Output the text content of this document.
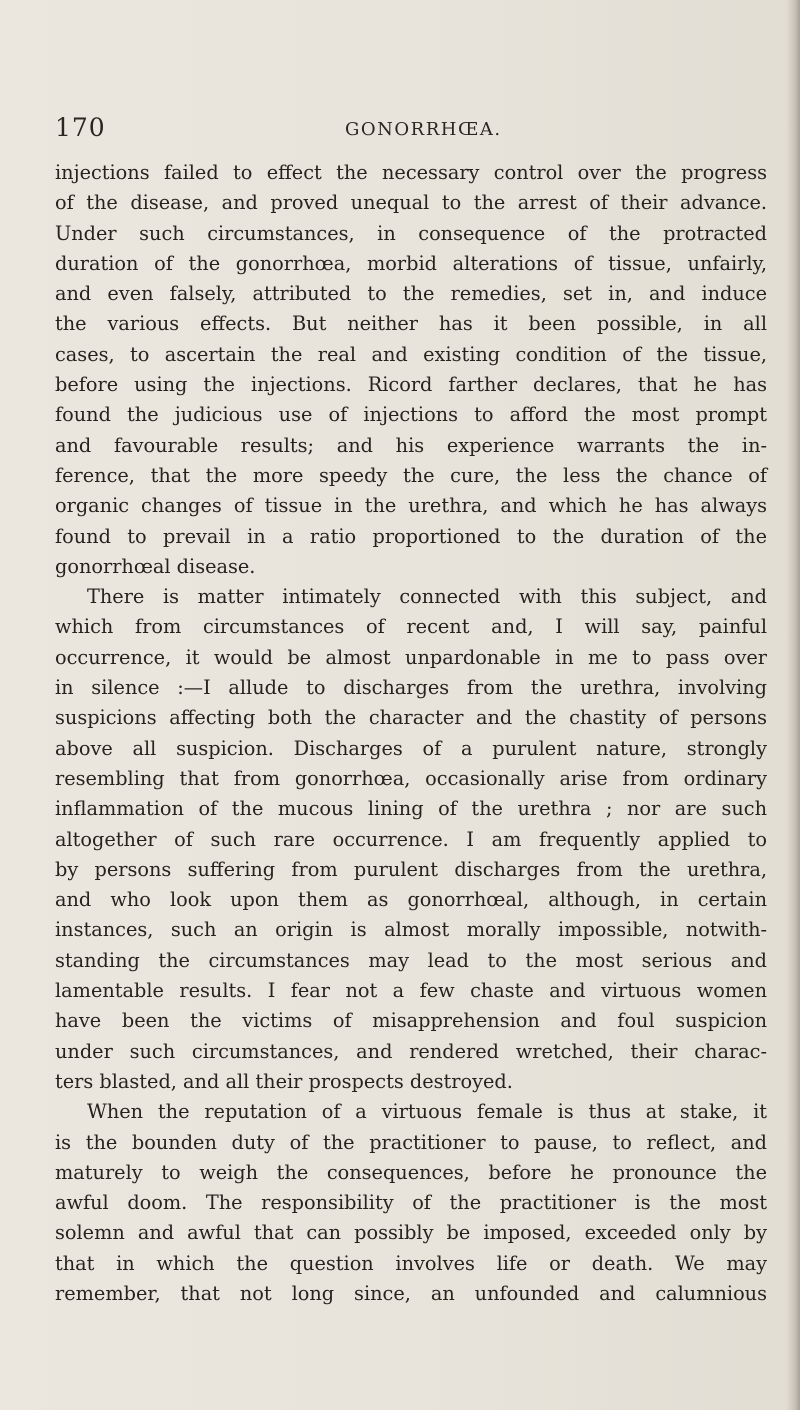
170	GONORRHŒA.
injections failed to effect the necessary control over the progress
of the disease, and proved unequal to the arrest of their advance.
Under such circumstances, in consequence of the protracted
duration of the gonorrhœa, morbid alterations of tissue, unfairly,
and even falsely, attributed to the remedies, set in, and induce
the various effects. But neither has it been possible, in all
cases, to ascertain the real and existing condition of the tissue,
before using the injections. Ricord farther declares, that he has
found the judicious use of injections to afford the most prompt
and favourable results; and his experience warrants the in-
ference, that the more speedy the cure, the less the chance of
organic changes of tissue in the urethra, and which he has always
found to prevail in a ratio proportioned to the duration of the
gonorrhœal disease.
There is matter intimately connected with this subject, and
which from circumstances of recent and, I will say, painful
occurrence, it would be almost unpardonable in me to pass over
in silence :—I allude to discharges from the urethra, involving
suspicions affecting both the character and the chastity of persons
above all suspicion. Discharges of a purulent nature, strongly
resembling that from gonorrhœa, occasionally arise from ordinary
inflammation of the mucous lining of the urethra ; nor are such
altogether of such rare occurrence. I am frequently applied to
by persons suffering from purulent discharges from the urethra,
and who look upon them as gonorrhœal, although, in certain
instances, such an origin is almost morally impossible, notwith-
standing the circumstances may lead to the most serious and
lamentable results. I fear not a few chaste and virtuous women
have been the victims of misapprehension and foul suspicion
under such circumstances, and rendered wretched, their charac-
ters blasted, and all their prospects destroyed.
When the reputation of a virtuous female is thus at stake, it
is the bounden duty of the practitioner to pause, to reflect, and
maturely to weigh the consequences, before he pronounce the
awful doom. The responsibility of the practitioner is the most
solemn and awful that can possibly be imposed, exceeded only by
that in which the question involves life or death. We may
remember, that not long since, an unfounded and calumnious
